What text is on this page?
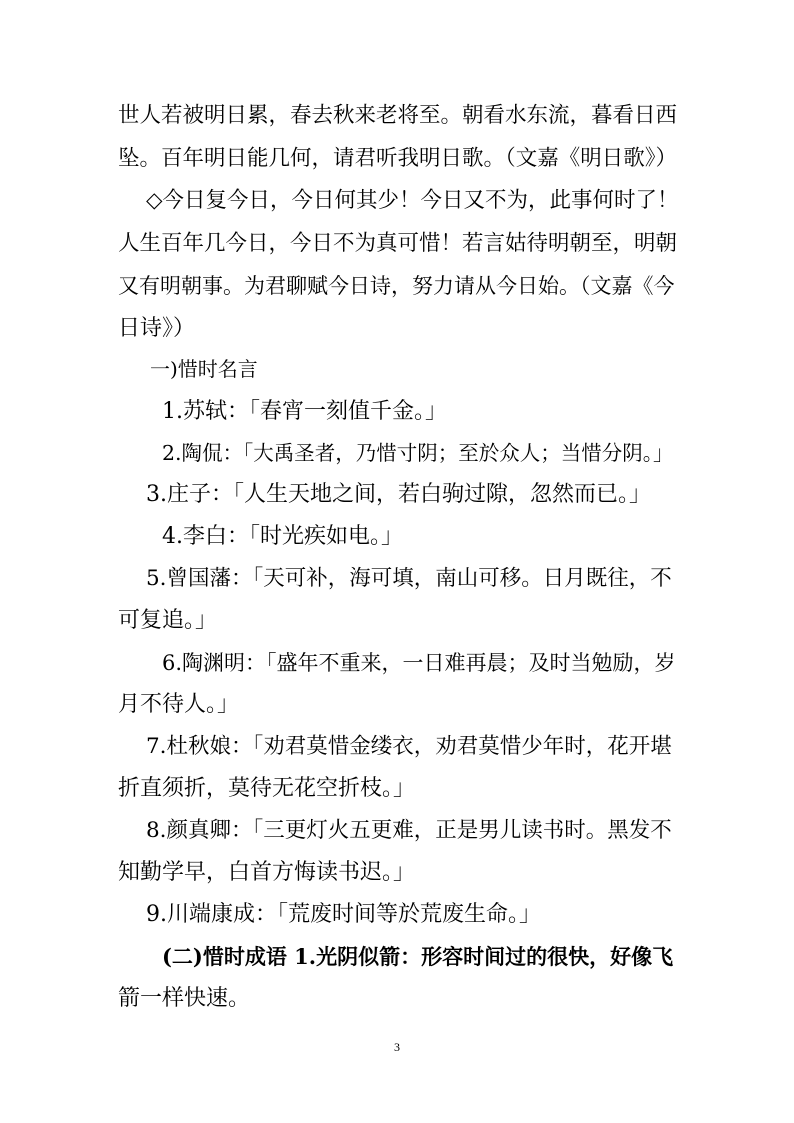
世人若被明日累，春去秋来老将至。朝看水东流，暮看日西
坠。百年明日能几何，请君听我明日歌。（文嘉《明日歌》）
◇今日复今日，今日何其少！今日又不为，此事何时了！
人生百年几今日，今日不为真可惜！若言姑待明朝至，明朝
又有明朝事。为君聊赋今日诗，努力请从今日始。（文嘉《今
日诗》）
一)惜时名言
1.苏轼：「春宵一刻值千金。」
2.陶侃：「大禹圣者，乃惜寸阴；至於众人；当惜分阴。」
3.庄子：「人生天地之间，若白驹过隙，忽然而已。」
4.李白：「时光疾如电。」
5.曾国藩：「天可补，海可填，南山可移。日月既往，不
可复追。」
6.陶渊明：「盛年不重来，一日难再晨；及时当勉励，岁
月不待人。」
7.杜秋娘：「劝君莫惜金缕衣，劝君莫惜少年时，花开堪
折直须折，莫待无花空折枝。」
8.颜真卿：「三更灯火五更难，正是男儿读书时。黑发不
知勤学早，白首方悔读书迟。」
9.川端康成：「荒废时间等於荒废生命。」
(二)惜时成语 1.光阴似箭：形容时间过的很快，好像飞
箭一样快速。
3
